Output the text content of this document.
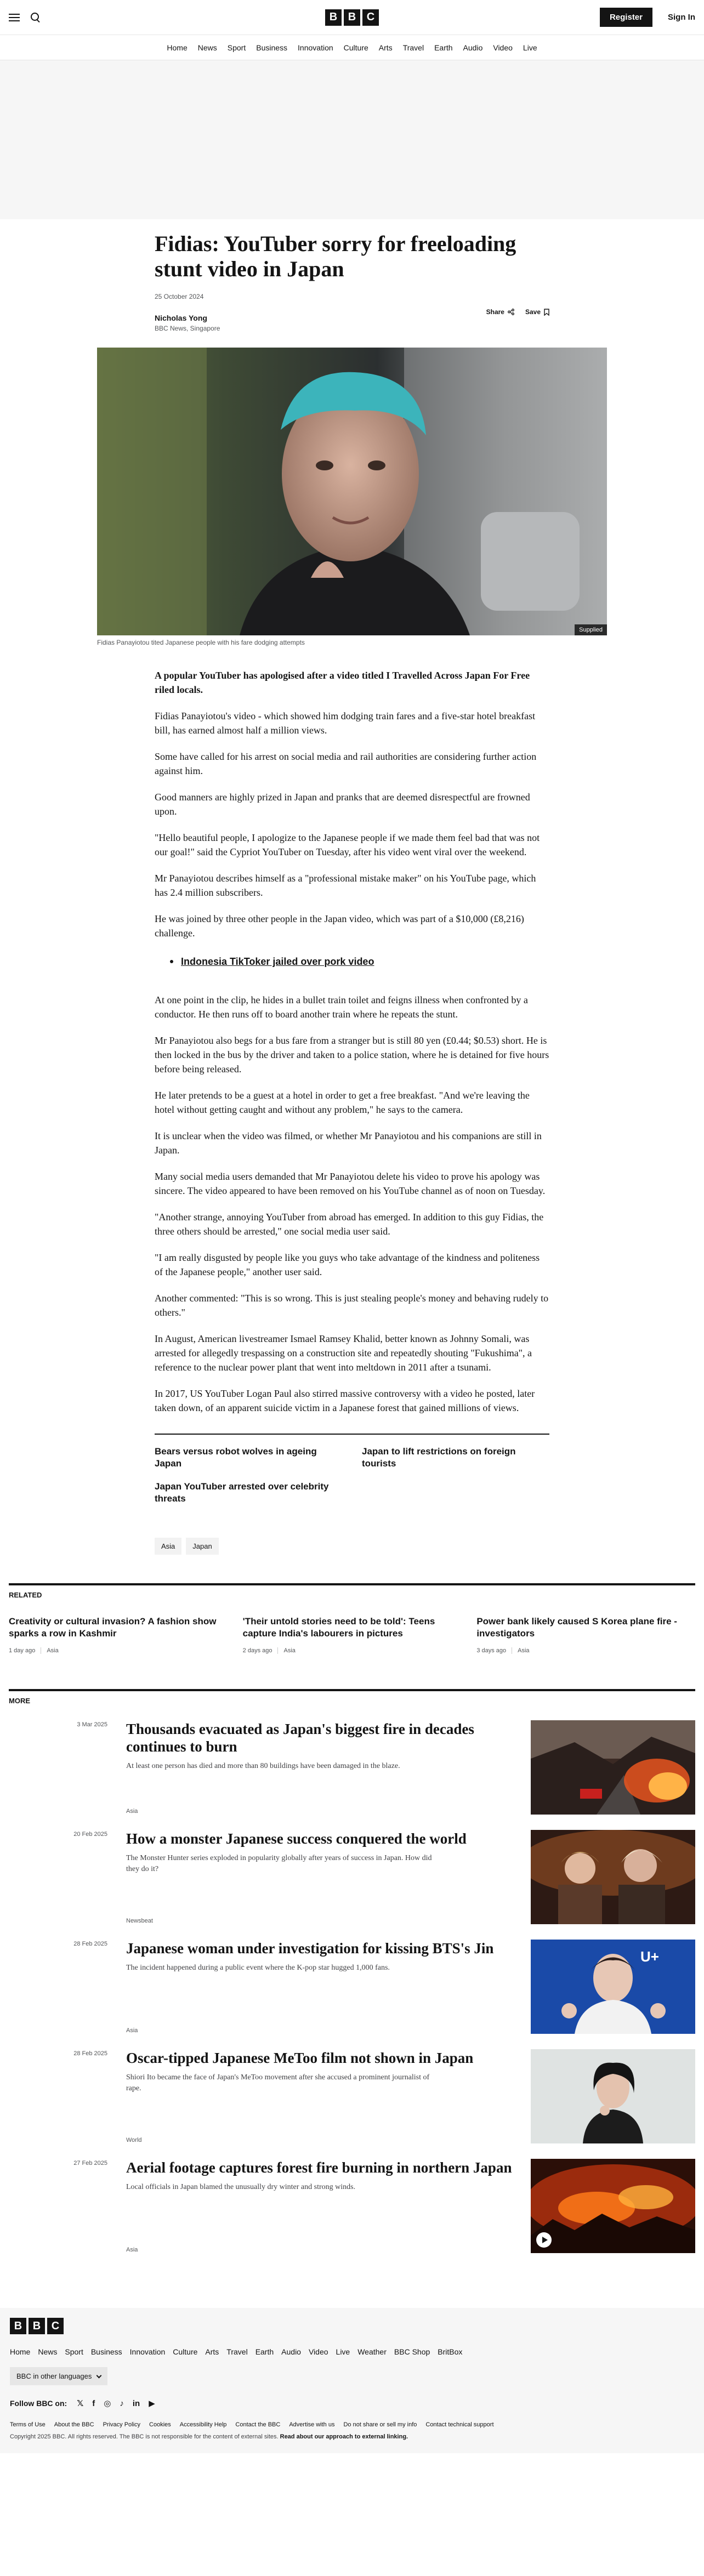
B B C	Register	Sign In
Home News Sport Business Innovation Culture Arts Travel Earth Audio Video Live
Fidias: YouTuber sorry for freeloading stunt video in Japan
25 October 2024
Nicholas Yong
BBC News, Singapore
Share	Save
Supplied
Fidias Panayiotou tited Japanese people with his fare dodging attempts

A popular YouTuber has apologised after a video titled I Travelled Across Japan For Free riled locals.

Fidias Panayiotou's video - which showed him dodging train fares and a five-star hotel breakfast bill, has earned almost half a million views.

Some have called for his arrest on social media and rail authorities are considering further action against him.

Good manners are highly prized in Japan and pranks that are deemed disrespectful are frowned upon.

"Hello beautiful people, I apologize to the Japanese people if we made them feel bad that was not our goal!" said the Cypriot YouTuber on Tuesday, after his video went viral over the weekend.

Mr Panayiotou describes himself as a "professional mistake maker" on his YouTube page, which has 2.4 million subscribers.

He was joined by three other people in the Japan video, which was part of a $10,000 (£8,216) challenge.

Indonesia TikToker jailed over pork video

At one point in the clip, he hides in a bullet train toilet and feigns illness when confronted by a conductor. He then runs off to board another train where he repeats the stunt.

Mr Panayiotou also begs for a bus fare from a stranger but is still 80 yen (£0.44; $0.53) short. He is then locked in the bus by the driver and taken to a police station, where he is detained for five hours before being released.

He later pretends to be a guest at a hotel in order to get a free breakfast. "And we're leaving the hotel without getting caught and without any problem," he says to the camera.

It is unclear when the video was filmed, or whether Mr Panayiotou and his companions are still in Japan.

Many social media users demanded that Mr Panayiotou delete his video to prove his apology was sincere. The video appeared to have been removed on his YouTube channel as of noon on Tuesday.

"Another strange, annoying YouTuber from abroad has emerged. In addition to this guy Fidias, the three others should be arrested," one social media user said.

"I am really disgusted by people like you guys who take advantage of the kindness and politeness of the Japanese people," another user said.

Another commented: "This is so wrong. This is just stealing people's money and behaving rudely to others."

In August, American livestreamer Ismael Ramsey Khalid, better known as Johnny Somali, was arrested for allegedly trespassing on a construction site and repeatedly shouting "Fukushima", a reference to the nuclear power plant that went into meltdown in 2011 after a tsunami.

In 2017, US YouTuber Logan Paul also stirred massive controversy with a video he posted, later taken down, of an apparent suicide victim in a Japanese forest that gained millions of views.

Bears versus robot wolves in ageing Japan
Japan to lift restrictions on foreign tourists
Japan YouTuber arrested over celebrity threats
Asia	Japan
RELATED
Creativity or cultural invasion? A fashion show sparks a row in Kashmir
1 day ago Asia
'Their untold stories need to be told': Teens capture India's labourers in pictures
2 days ago Asia
Power bank likely caused S Korea plane fire - investigators
3 days ago Asia
MORE
3 Mar 2025 Thousands evacuated as Japan's biggest fire in decades continues to burn
At least one person has died and more than 80 buildings have been damaged in the blaze.
Asia
20 Feb 2025 How a monster Japanese success conquered the world
The Monster Hunter series exploded in popularity globally after years of success in Japan. How did they do it?
Newsbeat
28 Feb 2025 Japanese woman under investigation for kissing BTS's Jin
The incident happened during a public event where the K-pop star hugged 1,000 fans.
Asia
U+
28 Feb 2025 Oscar-tipped Japanese MeToo film not shown in Japan
Shiori Ito became the face of Japan's MeToo movement after she accused a prominent journalist of rape.
World
27 Feb 2025 Aerial footage captures forest fire burning in northern Japan
Local officials in Japan blamed the unusually dry winter and strong winds.
Asia
B B C
Home News Sport Business Innovation Culture Arts Travel Earth Audio Video Live Weather BBC Shop BritBox
BBC in other languages
Follow BBC on: 𝕏 f ◎ ♪ in ▶
Terms of Use About the BBC Privacy Policy Cookies Accessibility Help Contact the BBC Advertise with us Do not share or sell my info Contact technical support
Copyright 2025 BBC. All rights reserved. The BBC is not responsible for the content of external sites. Read about our approach to external linking.
